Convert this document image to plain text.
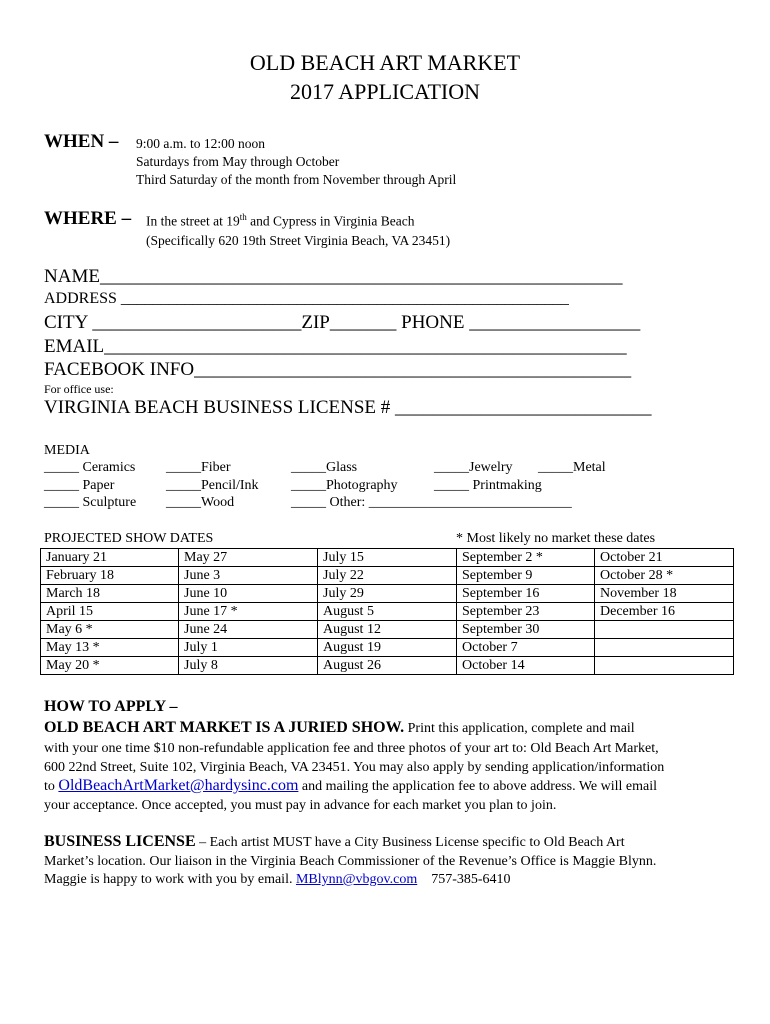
OLD BEACH ART MARKET
2017 APPLICATION
WHEN – 9:00 a.m. to 12:00 noon
Saturdays from May through October
Third Saturday of the month from November through April
WHERE – In the street at 19th and Cypress in Virginia Beach
(Specifically 620 19th Street Virginia Beach, VA 23451)
NAME_______________________________________________________
ADDRESS ________________________________________________________
CITY ______________________ZIP_______ PHONE __________________
EMAIL_______________________________________________________
FACEBOOK INFO______________________________________________
For office use:
VIRGINIA BEACH BUSINESS LICENSE # ___________________________
MEDIA
_____ Ceramics _____Fiber	_____Glass	_____Jewelry _____Metal
_____ Paper	_____Pencil/Ink _____Photography	_____ Printmaking
_____ Sculpture _____Wood	_____ Other: _____________________________
PROJECTED SHOW DATES	* Most likely no market these dates
January 21	May 27	July 15	September 2 *	October 21
February 18	June 3	July 22	September 9	October 28 *
March 18	June 10	July 29	September 16	November 18
April 15	June 17 *	August 5	September 23	December 16
May 6 *	June 24	August 12	September 30	
May 13 *	July 1	August 19	October 7	
May 20 *	July 8	August 26	October 14	
HOW TO APPLY –
OLD BEACH ART MARKET IS A JURIED SHOW. Print this application, complete and mail
with your one time $10 non-refundable application fee and three photos of your art to: Old Beach Art Market,
600 22nd Street, Suite 102, Virginia Beach, VA 23451. You may also apply by sending application/information
to OldBeachArtMarket@hardysinc.com and mailing the application fee to above address. We will email
your acceptance. Once accepted, you must pay in advance for each market you plan to join.
BUSINESS LICENSE – Each artist MUST have a City Business License specific to Old Beach Art
Market’s location. Our liaison in the Virginia Beach Commissioner of the Revenue’s Office is Maggie Blynn.
Maggie is happy to work with you by email. MBlynn@vbgov.com 757-385-6410
